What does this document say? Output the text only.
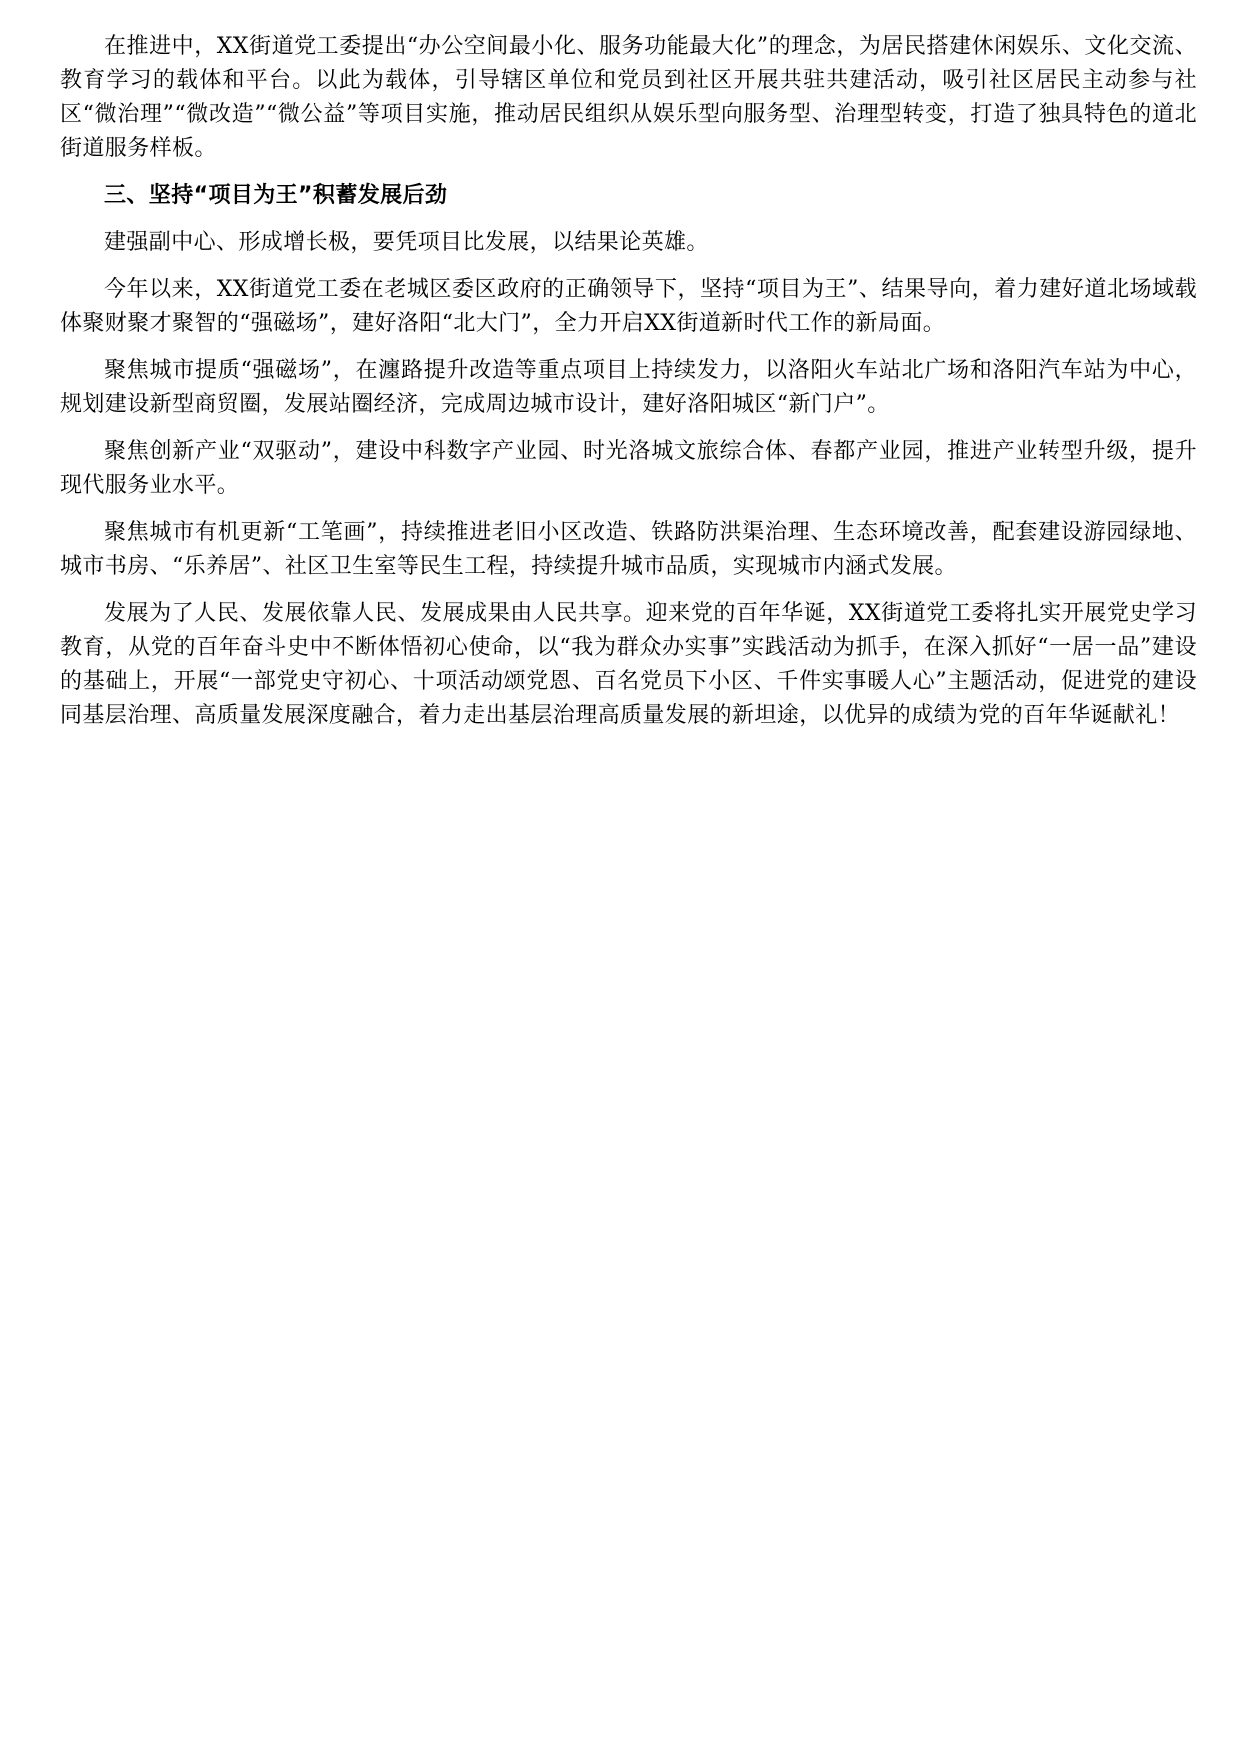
在推进中，XX街道党工委提出“办公空间最小化、服务功能最大化”的理念，为居民搭建休闲娱乐、文化交流、教育学习的载体和平台。以此为载体，引导辖区单位和党员到社区开展共驻共建活动，吸引社区居民主动参与社区“微治理”“微改造”“微公益”等项目实施，推动居民组织从娱乐型向服务型、治理型转变，打造了独具特色的道北街道服务样板。

三、坚持“项目为王”积蓄发展后劲

建强副中心、形成增长极，要凭项目比发展，以结果论英雄。

今年以来，XX街道党工委在老城区委区政府的正确领导下，坚持“项目为王”、结果导向，着力建好道北场域载体聚财聚才聚智的“强磁场”，建好洛阳“北大门”，全力开启XX街道新时代工作的新局面。

聚焦城市提质“强磁场”，在瀍路提升改造等重点项目上持续发力，以洛阳火车站北广场和洛阳汽车站为中心，规划建设新型商贸圈，发展站圈经济，完成周边城市设计，建好洛阳城区“新门户”。

聚焦创新产业“双驱动”，建设中科数字产业园、时光洛城文旅综合体、春都产业园，推进产业转型升级，提升现代服务业水平。

聚焦城市有机更新“工笔画”，持续推进老旧小区改造、铁路防洪渠治理、生态环境改善，配套建设游园绿地、城市书房、“乐养居”、社区卫生室等民生工程，持续提升城市品质，实现城市内涵式发展。

发展为了人民、发展依靠人民、发展成果由人民共享。迎来党的百年华诞，XX街道党工委将扎实开展党史学习教育，从党的百年奋斗史中不断体悟初心使命，以“我为群众办实事”实践活动为抓手，在深入抓好“一居一品”建设的基础上，开展“一部党史守初心、十项活动颂党恩、百名党员下小区、千件实事暖人心”主题活动，促进党的建设同基层治理、高质量发展深度融合，着力走出基层治理高质量发展的新坦途，以优异的成绩为党的百年华诞献礼！
